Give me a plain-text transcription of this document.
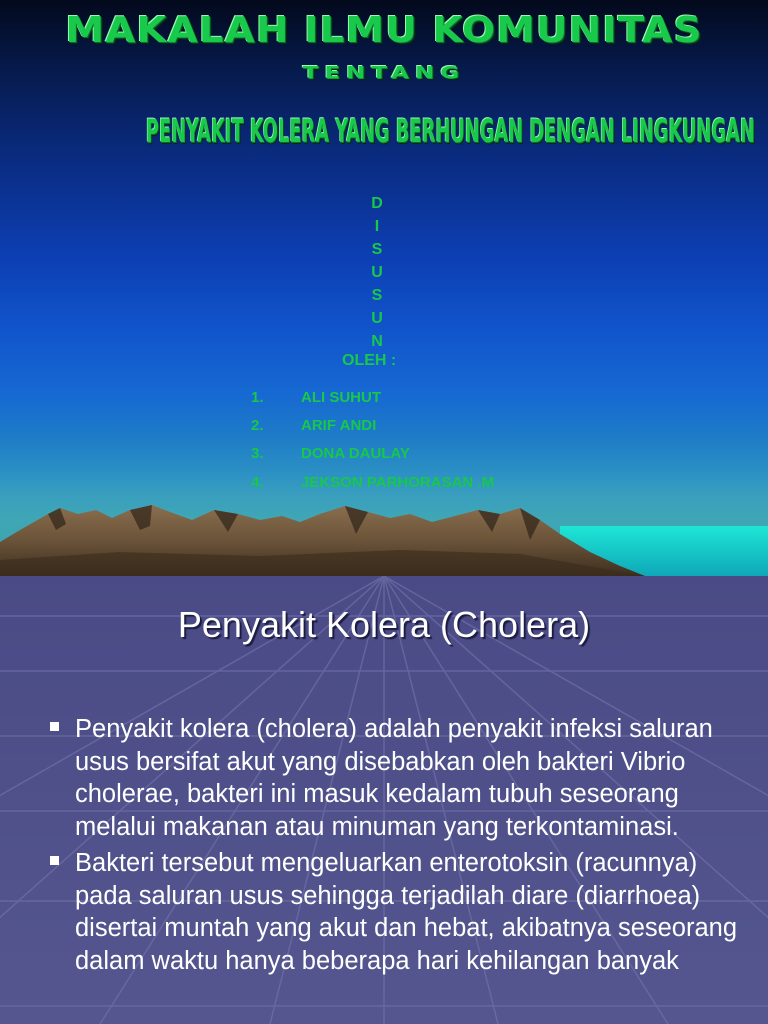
MAKALAH ILMU KOMUNITAS
TENTANG
PENYAKIT KOLERA YANG BERHUNGAN DENGAN LINGKUNGAN
D
I
S
U
S
U
N
OLEH :
1. ALI SUHUT
2. ARIF ANDI
3. DONA DAULAY
4. JEKSON PARHORASAN .M
Penyakit Kolera (Cholera)
Penyakit kolera (cholera) adalah penyakit infeksi saluran usus bersifat akut yang disebabkan oleh bakteri Vibrio cholerae, bakteri ini masuk kedalam tubuh seseorang melalui makanan atau minuman yang terkontaminasi.
Bakteri tersebut mengeluarkan enterotoksin (racunnya) pada saluran usus sehingga terjadilah diare (diarrhoea) disertai muntah yang akut dan hebat, akibatnya seseorang dalam waktu hanya beberapa hari kehilangan banyak
